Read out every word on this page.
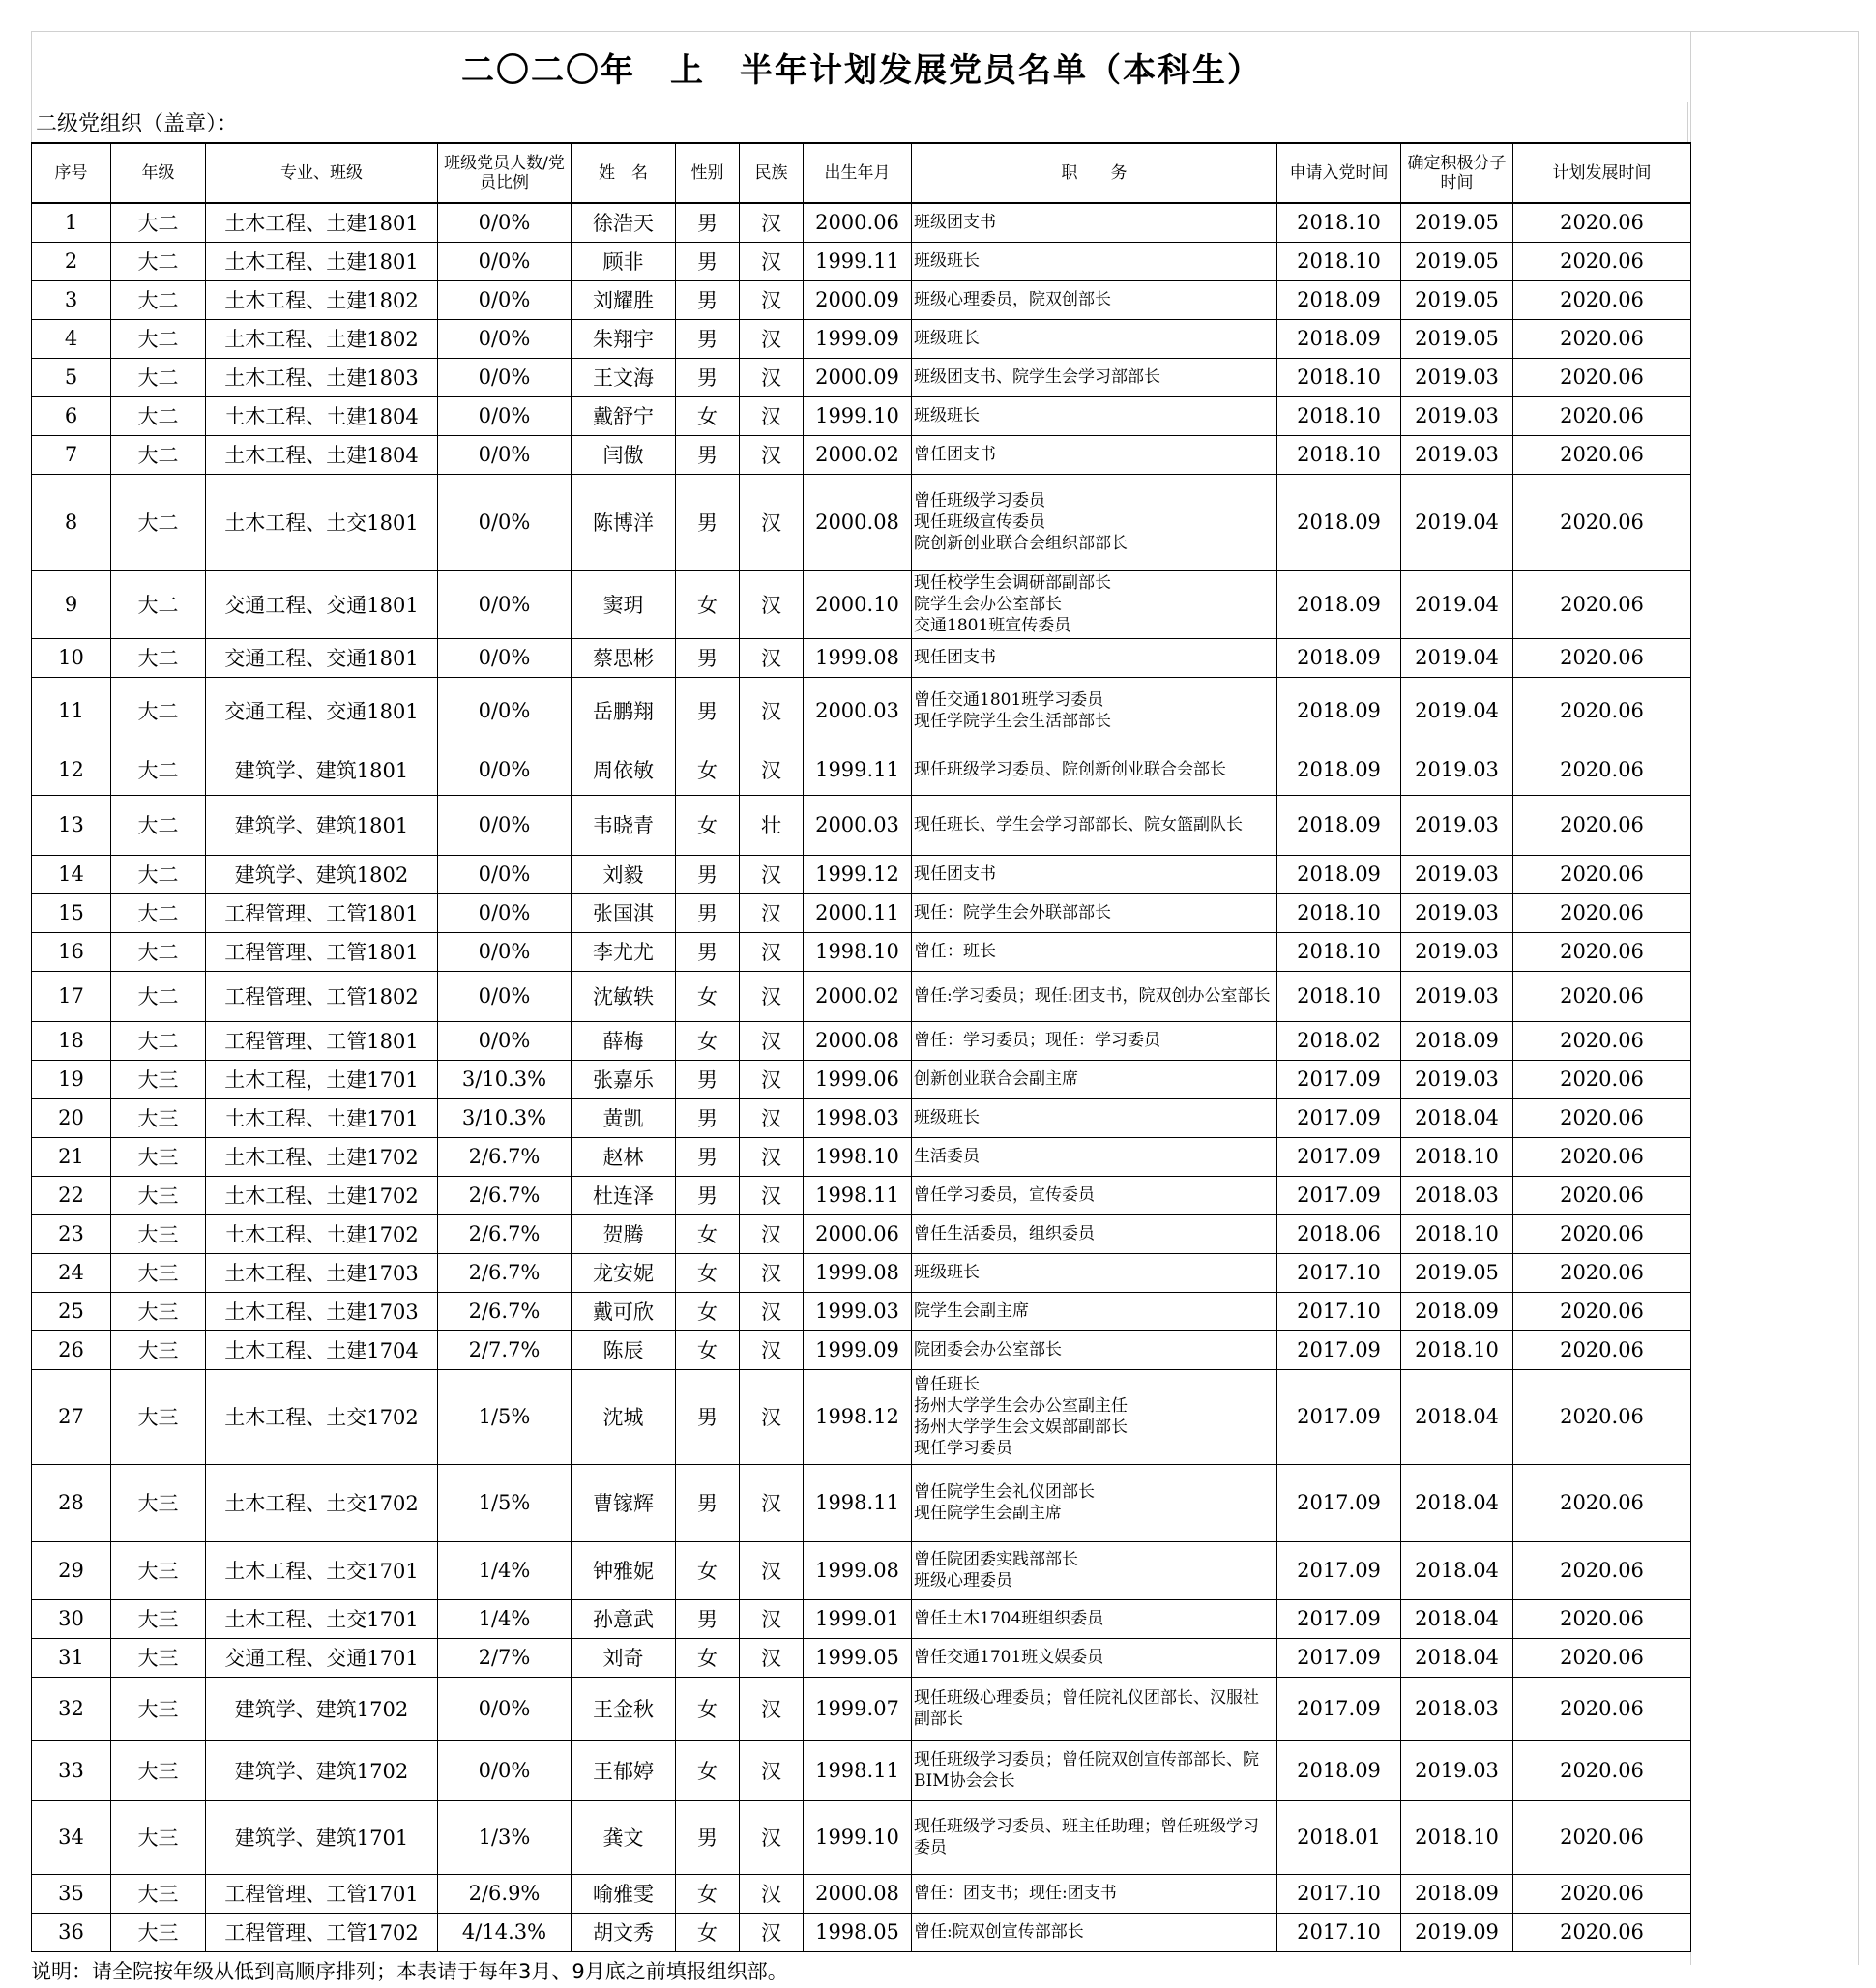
二〇二〇年　上　半年计划发展党员名单（本科生）
二级党组织（盖章）：
序号	年级	专业、班级	班级党员人数/党员比例	姓　名	性别	民族	出生年月	职　　务	申请入党时间	确定积极分子时间	计划发展时间
1	大二	土木工程、土建1801	0/0%	徐浩天	男	汉	2000.06	班级团支书	2018.10	2019.05	2020.06
2	大二	土木工程、土建1801	0/0%	顾非	男	汉	1999.11	班级班长	2018.10	2019.05	2020.06
3	大二	土木工程、土建1802	0/0%	刘耀胜	男	汉	2000.09	班级心理委员，院双创部长	2018.09	2019.05	2020.06
4	大二	土木工程、土建1802	0/0%	朱翔宇	男	汉	1999.09	班级班长	2018.09	2019.05	2020.06
5	大二	土木工程、土建1803	0/0%	王文海	男	汉	2000.09	班级团支书、院学生会学习部部长	2018.10	2019.03	2020.06
6	大二	土木工程、土建1804	0/0%	戴舒宁	女	汉	1999.10	班级班长	2018.10	2019.03	2020.06
7	大二	土木工程、土建1804	0/0%	闫傲	男	汉	2000.02	曾任团支书	2018.10	2019.03	2020.06
8	大二	土木工程、土交1801	0/0%	陈博洋	男	汉	2000.08	曾任班级学习委员
现任班级宣传委员
院创新创业联合会组织部部长	2018.09	2019.04	2020.06
9	大二	交通工程、交通1801	0/0%	窦玥	女	汉	2000.10	现任校学生会调研部副部长
院学生会办公室部长
交通1801班宣传委员	2018.09	2019.04	2020.06
10	大二	交通工程、交通1801	0/0%	蔡思彬	男	汉	1999.08	现任团支书	2018.09	2019.04	2020.06
11	大二	交通工程、交通1801	0/0%	岳鹏翔	男	汉	2000.03	曾任交通1801班学习委员
现任学院学生会生活部部长	2018.09	2019.04	2020.06
12	大二	建筑学、建筑1801	0/0%	周依敏	女	汉	1999.11	现任班级学习委员、院创新创业联合会部长	2018.09	2019.03	2020.06
13	大二	建筑学、建筑1801	0/0%	韦晓青	女	壮	2000.03	现任班长、学生会学习部部长、院女篮副队长	2018.09	2019.03	2020.06
14	大二	建筑学、建筑1802	0/0%	刘毅	男	汉	1999.12	现任团支书	2018.09	2019.03	2020.06
15	大二	工程管理、工管1801	0/0%	张国淇	男	汉	2000.11	现任：院学生会外联部部长	2018.10	2019.03	2020.06
16	大二	工程管理、工管1801	0/0%	李尤尤	男	汉	1998.10	曾任：班长	2018.10	2019.03	2020.06
17	大二	工程管理、工管1802	0/0%	沈敏轶	女	汉	2000.02	曾任:学习委员；现任:团支书，院双创办公室部长	2018.10	2019.03	2020.06
18	大二	工程管理、工管1801	0/0%	薛梅	女	汉	2000.08	曾任：学习委员；现任：学习委员	2018.02	2018.09	2020.06
19	大三	土木工程，土建1701	3/10.3%	张嘉乐	男	汉	1999.06	创新创业联合会副主席	2017.09	2019.03	2020.06
20	大三	土木工程、土建1701	3/10.3%	黄凯	男	汉	1998.03	班级班长	2017.09	2018.04	2020.06
21	大三	土木工程、土建1702	2/6.7%	赵林	男	汉	1998.10	生活委员	2017.09	2018.10	2020.06
22	大三	土木工程、土建1702	2/6.7%	杜连泽	男	汉	1998.11	曾任学习委员，宣传委员	2017.09	2018.03	2020.06
23	大三	土木工程、土建1702	2/6.7%	贺腾	女	汉	2000.06	曾任生活委员，组织委员	2018.06	2018.10	2020.06
24	大三	土木工程、土建1703	2/6.7%	龙安妮	女	汉	1999.08	班级班长	2017.10	2019.05	2020.06
25	大三	土木工程、土建1703	2/6.7%	戴可欣	女	汉	1999.03	院学生会副主席	2017.10	2018.09	2020.06
26	大三	土木工程、土建1704	2/7.7%	陈辰	女	汉	1999.09	院团委会办公室部长	2017.09	2018.10	2020.06
27	大三	土木工程、土交1702	1/5%	沈城	男	汉	1998.12	曾任班长
扬州大学学生会办公室副主任
扬州大学学生会文娱部副部长
现任学习委员	2017.09	2018.04	2020.06
28	大三	土木工程、土交1702	1/5%	曹镓辉	男	汉	1998.11	曾任院学生会礼仪团部长
现任院学生会副主席	2017.09	2018.04	2020.06
29	大三	土木工程、土交1701	1/4%	钟雅妮	女	汉	1999.08	曾任院团委实践部部长
班级心理委员	2017.09	2018.04	2020.06
30	大三	土木工程、土交1701	1/4%	孙意武	男	汉	1999.01	曾任土木1704班组织委员	2017.09	2018.04	2020.06
31	大三	交通工程、交通1701	2/7%	刘奇	女	汉	1999.05	曾任交通1701班文娱委员	2017.09	2018.04	2020.06
32	大三	建筑学、建筑1702	0/0%	王金秋	女	汉	1999.07	现任班级心理委员；曾任院礼仪团部长、汉服社副部长	2017.09	2018.03	2020.06
33	大三	建筑学、建筑1702	0/0%	王郁婷	女	汉	1998.11	现任班级学习委员；曾任院双创宣传部部长、院BIM协会会长	2018.09	2019.03	2020.06
34	大三	建筑学、建筑1701	1/3%	龚文	男	汉	1999.10	现任班级学习委员、班主任助理；曾任班级学习委员	2018.01	2018.10	2020.06
35	大三	工程管理、工管1701	2/6.9%	喻雅雯	女	汉	2000.08	曾任：团支书；现任:团支书	2017.10	2018.09	2020.06
36	大三	工程管理、工管1702	4/14.3%	胡文秀	女	汉	1998.05	曾任:院双创宣传部部长	2017.10	2019.09	2020.06
说明：请全院按年级从低到高顺序排列；本表请于每年3月、9月底之前填报组织部。
